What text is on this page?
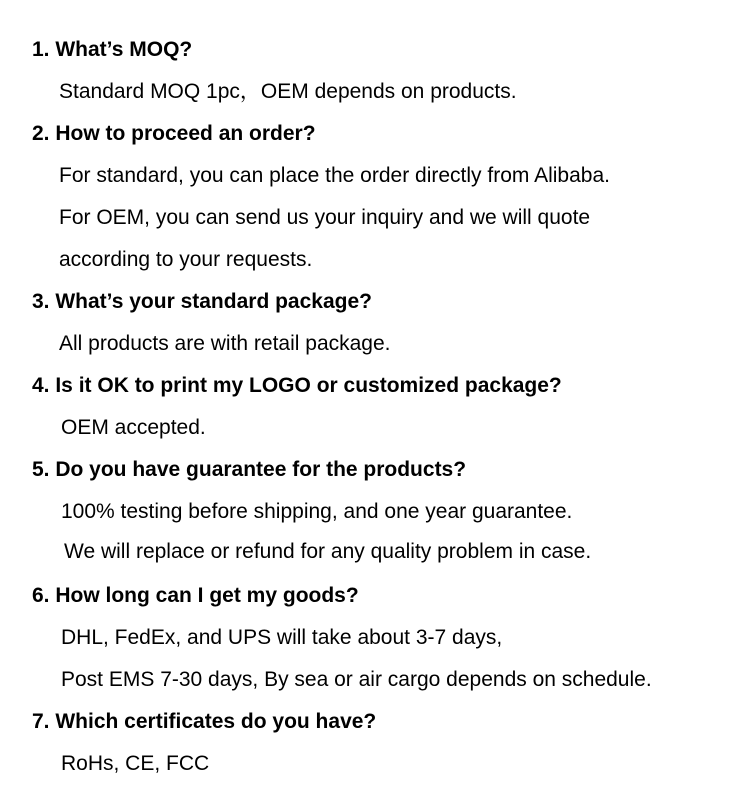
1. What’s MOQ?
Standard MOQ 1pc，OEM depends on products.
2. How to proceed an order?
For standard, you can place the order directly from Alibaba.
For OEM, you can send us your inquiry and we will quote
according to your requests.
3. What’s your standard package?
All products are with retail package.
4. Is it OK to print my LOGO or customized package?
OEM accepted.
5. Do you have guarantee for the products?
100% testing before shipping, and one year guarantee.
We will replace or refund for any quality problem in case.
6. How long can I get my goods?
DHL, FedEx, and UPS will take about 3-7 days,
Post EMS 7-30 days, By sea or air cargo depends on schedule.
7. Which certificates do you have?
RoHs, CE, FCC
